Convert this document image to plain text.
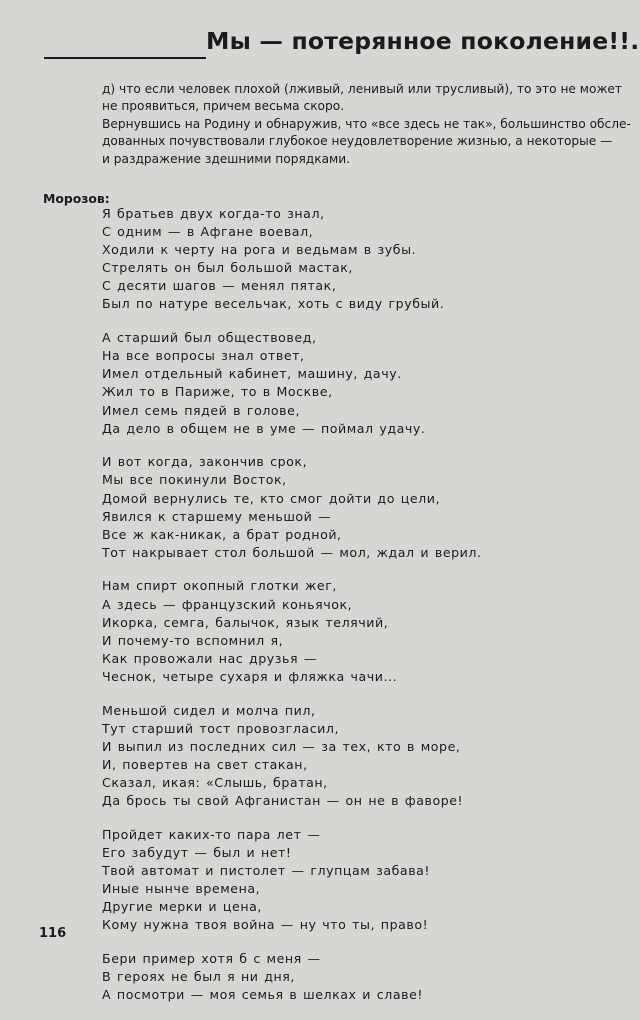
Мы — потерянное поколение!!.

д) что если человек плохой (лживый, ленивый или трусливый), то это не может

не проявиться, причем весьма скоро.

Вернувшись на Родину и обнаружив, что «все здесь не так», большинство обсле-

дованных почувствовали глубокое неудовлетворение жизнью, а некоторые —

и раздражение здешними порядками.

Морозов:

Я братьев двух когда-то знал,
С одним — в Афгане воевал,
Ходили к черту на рога и ведьмам в зубы.
Стрелять он был большой мастак,
С десяти шагов — менял пятак,
Был по натуре весельчак, хоть с виду грубый.
А старший был обществовед,
На все вопросы знал ответ,
Имел отдельный кабинет, машину, дачу.
Жил то в Париже, то в Москве,
Имел семь пядей в голове,
Да дело в общем не в уме — поймал удачу.
И вот когда, закончив срок,
Мы все покинули Восток,
Домой вернулись те, кто смог дойти до цели,
Явился к старшему меньшой —
Все ж как-никак, а брат родной,
Тот накрывает стол большой — мол, ждал и верил.
Нам спирт окопный глотки жег,
А здесь — французский коньячок,
Икорка, семга, балычок, язык телячий,
И почему-то вспомнил я,
Как провожали нас друзья —
Чеснок, четыре сухаря и фляжка чачи...
Меньшой сидел и молча пил,
Тут старший тост провозгласил,
И выпил из последних сил — за тех, кто в море,
И, повертев на свет стакан,
Сказал, икая: «Слышь, братан,
Да брось ты свой Афганистан — он не в фаворе!
Пройдет каких-то пара лет —
Его забудут — был и нет!
Твой автомат и пистолет — глупцам забава!
Иные нынче времена,
Другие мерки и цена,
Кому нужна твоя война — ну что ты, право!
Бери пример хотя б с меня —
В героях не был я ни дня,
А посмотри — моя семья в шелках и славе!

116
